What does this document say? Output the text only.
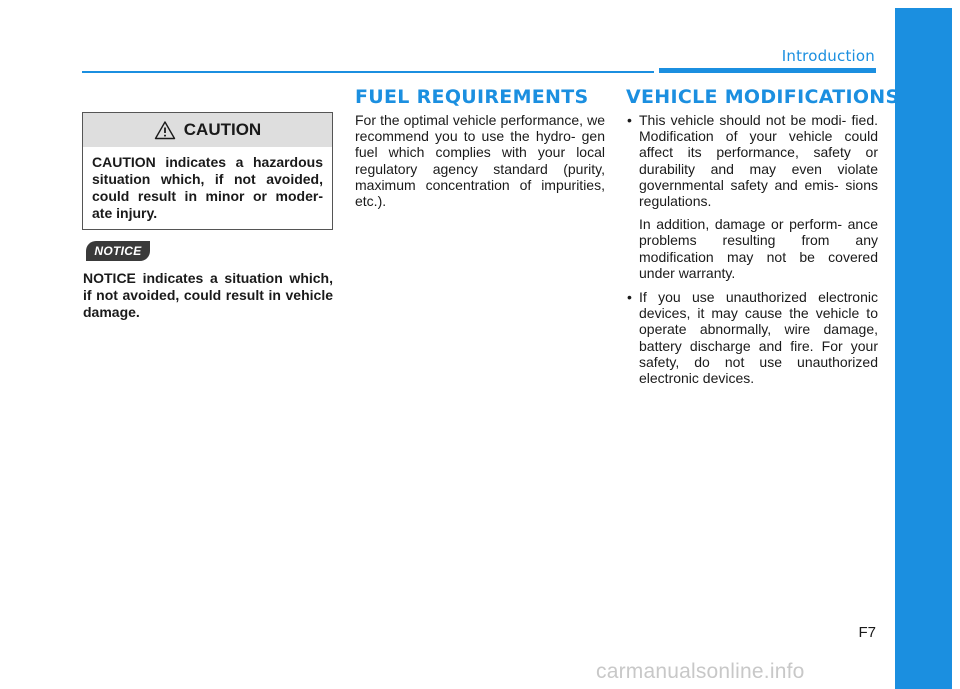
Introduction
CAUTION
CAUTION indicates a hazardous situation which, if not avoided, could result in minor or moder- ate injury.
NOTICE
NOTICE indicates a situation which, if not avoided, could result in vehicle damage.
FUEL REQUIREMENTS
For the optimal vehicle performance, we recommend you to use the hydro- gen fuel which complies with your local regulatory agency standard (purity, maximum concentration of impurities, etc.).
VEHICLE MODIFICATIONS
• This vehicle should not be modi- fied. Modification of your vehicle could affect its performance, safety or durability and may even violate governmental safety and emis- sions regulations.
In addition, damage or perform- ance problems resulting from any modification may not be covered under warranty.
• If you use unauthorized electronic devices, it may cause the vehicle to operate abnormally, wire damage, battery discharge and fire. For your safety, do not use unauthorized electronic devices.
F7
carmanualsonline.info
